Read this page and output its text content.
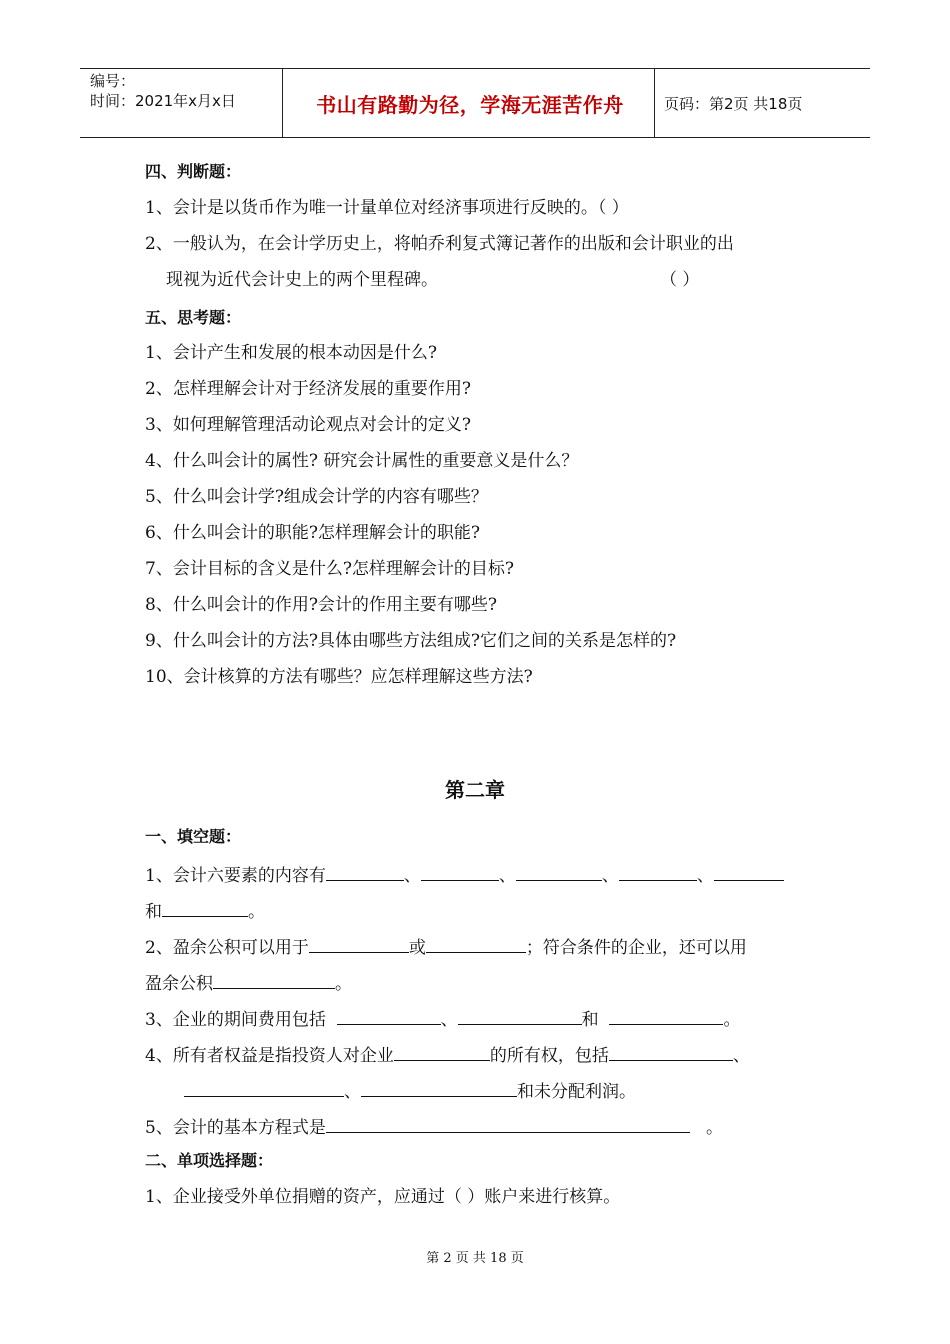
编号：
时间：2021年x月x日	书山有路勤为径，学海无涯苦作舟	页码：第2页 共18页
四、判断题：
1、会计是以货币作为唯一计量单位对经济事项进行反映的。（ ）
2、一般认为，在会计学历史上，将帕乔利复式簿记著作的出版和会计职业的出
现视为近代会计史上的两个里程碑。	（ ）
五、思考题：
1、会计产生和发展的根本动因是什么?
2、怎样理解会计对于经济发展的重要作用?
3、如何理解管理活动论观点对会计的定义?
4、什么叫会计的属性? 研究会计属性的重要意义是什么？
5、什么叫会计学?组成会计学的内容有哪些？
6、什么叫会计的职能?怎样理解会计的职能?
7、会计目标的含义是什么?怎样理解会计的目标?
8、什么叫会计的作用?会计的作用主要有哪些?
9、什么叫会计的方法?具体由哪些方法组成?它们之间的关系是怎样的?
10、会计核算的方法有哪些？应怎样理解这些方法?
第二章
一、填空题：
1、会计六要素的内容有	、	、	、	、
和	。
2、盈余公积可以用于	或	；符合条件的企业，还可以用
盈余公积	。
3、企业的期间费用包括	、	和	。
4、所有者权益是指投资人对企业	的所有权，包括	、
、	和未分配利润。
5、会计的基本方程式是	。
二、单项选择题：
1、企业接受外单位捐赠的资产，应通过（ ）账户来进行核算。
第 2 页 共 18 页
